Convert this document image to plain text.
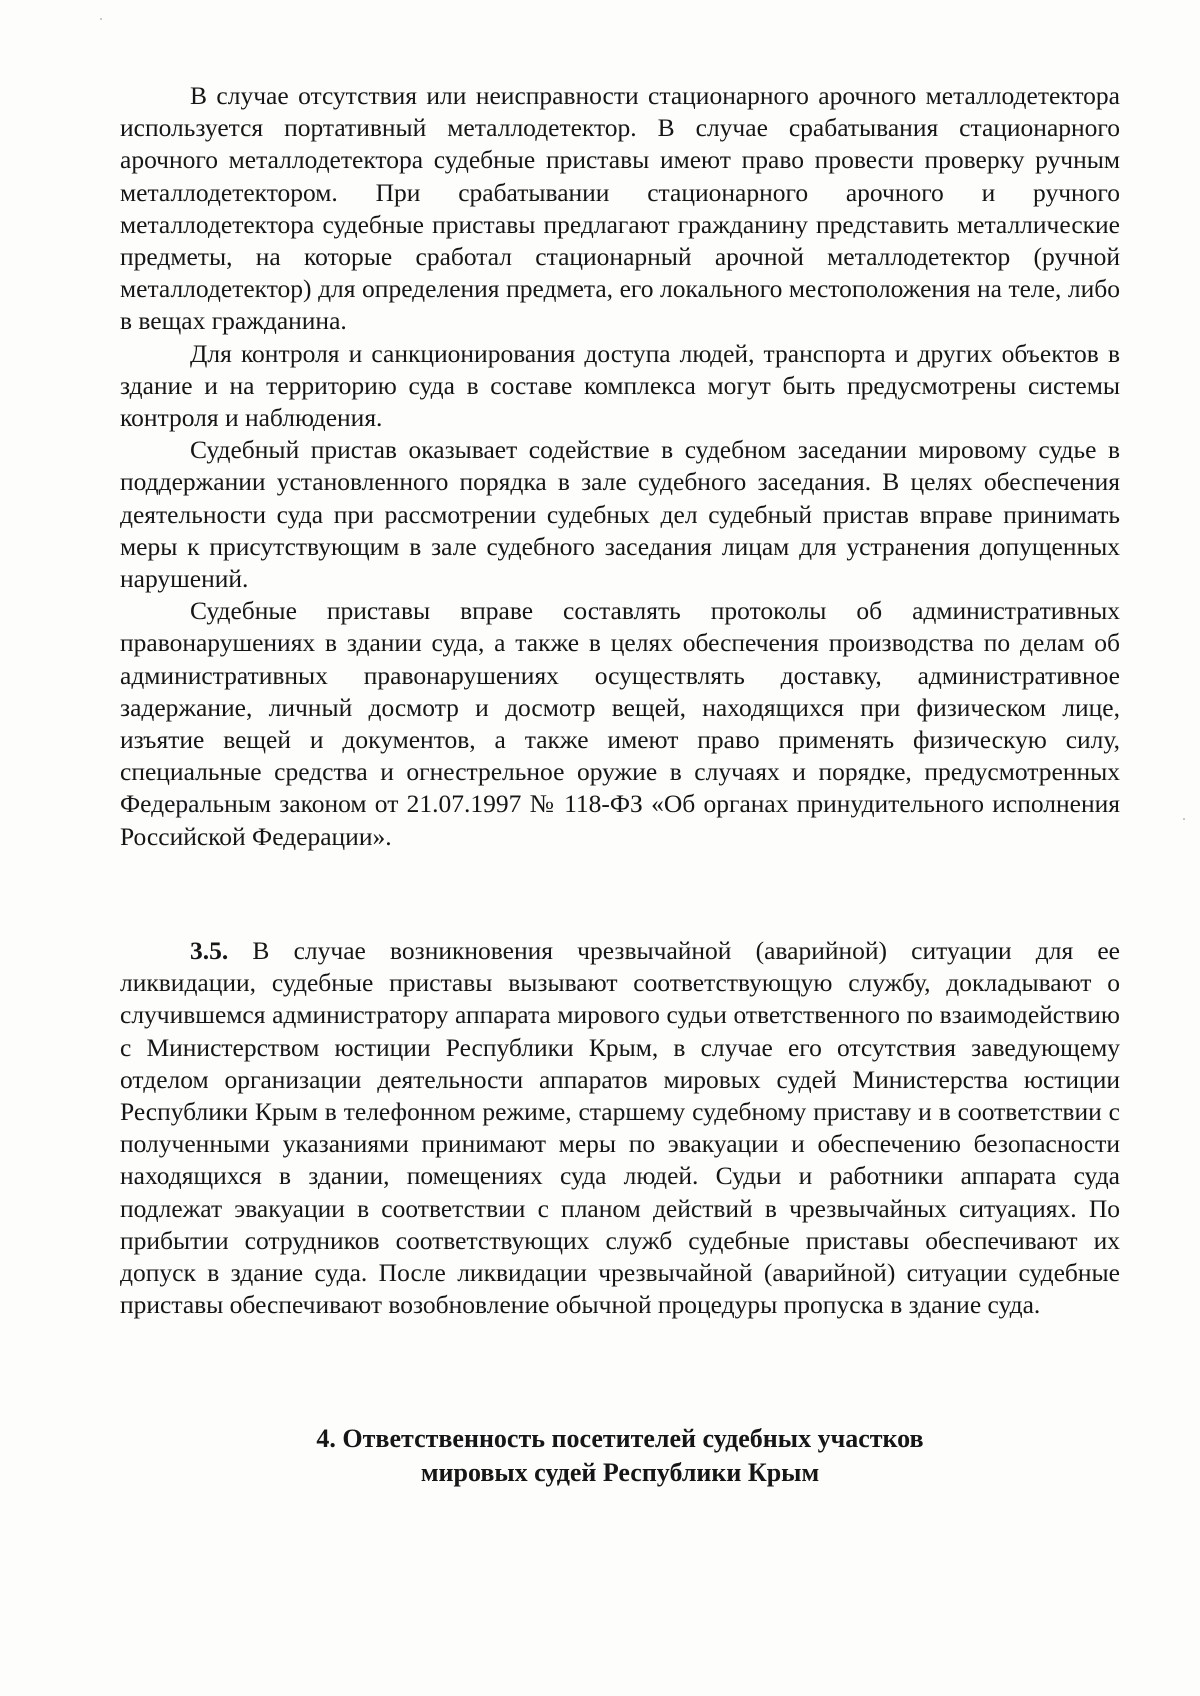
В случае отсутствия или неисправности стационарного арочного металлодетектора используется портативный металлодетектор. В случае срабатывания стационарного арочного металлодетектора судебные приставы имеют право провести проверку ручным металлодетектором. При срабатывании стационарного арочного и ручного металлодетектора судебные приставы предлагают гражданину представить металлические предметы, на которые сработал стационарный арочной металлодетектор (ручной металлодетектор) для определения предмета, его локального местоположения на теле, либо в вещах гражданина.

Для контроля и санкционирования доступа людей, транспорта и других объектов в здание и на территорию суда в составе комплекса могут быть предусмотрены системы контроля и наблюдения.

Судебный пристав оказывает содействие в судебном заседании мировому судье в поддержании установленного порядка в зале судебного заседания. В целях обеспечения деятельности суда при рассмотрении судебных дел судебный пристав вправе принимать меры к присутствующим в зале судебного заседания лицам для устранения допущенных нарушений.

Судебные приставы вправе составлять протоколы об административных правонарушениях в здании суда, а также в целях обеспечения производства по делам об административных правонарушениях осуществлять доставку, административное задержание, личный досмотр и досмотр вещей, находящихся при физическом лице, изъятие вещей и документов, а также имеют право применять физическую силу, специальные средства и огнестрельное оружие в случаях и порядке, предусмотренных Федеральным законом от 21.07.1997 № 118-ФЗ «Об органах принудительного исполнения Российской Федерации».

3.5. В случае возникновения чрезвычайной (аварийной) ситуации для ее ликвидации, судебные приставы вызывают соответствующую службу, докладывают о случившемся администратору аппарата мирового судьи ответственного по взаимодействию с Министерством юстиции Республики Крым, в случае его отсутствия заведующему отделом организации деятельности аппаратов мировых судей Министерства юстиции Республики Крым в телефонном режиме, старшему судебному приставу и в соответствии с полученными указаниями принимают меры по эвакуации и обеспечению безопасности находящихся в здании, помещениях суда людей. Судьи и работники аппарата суда подлежат эвакуации в соответствии с планом действий в чрезвычайных ситуациях. По прибытии сотрудников соответствующих служб судебные приставы обеспечивают их допуск в здание суда. После ликвидации чрезвычайной (аварийной) ситуации судебные приставы обеспечивают возобновление обычной процедуры пропуска в здание суда.

4. Ответственность посетителей судебных участков
мировых судей Республики Крым
